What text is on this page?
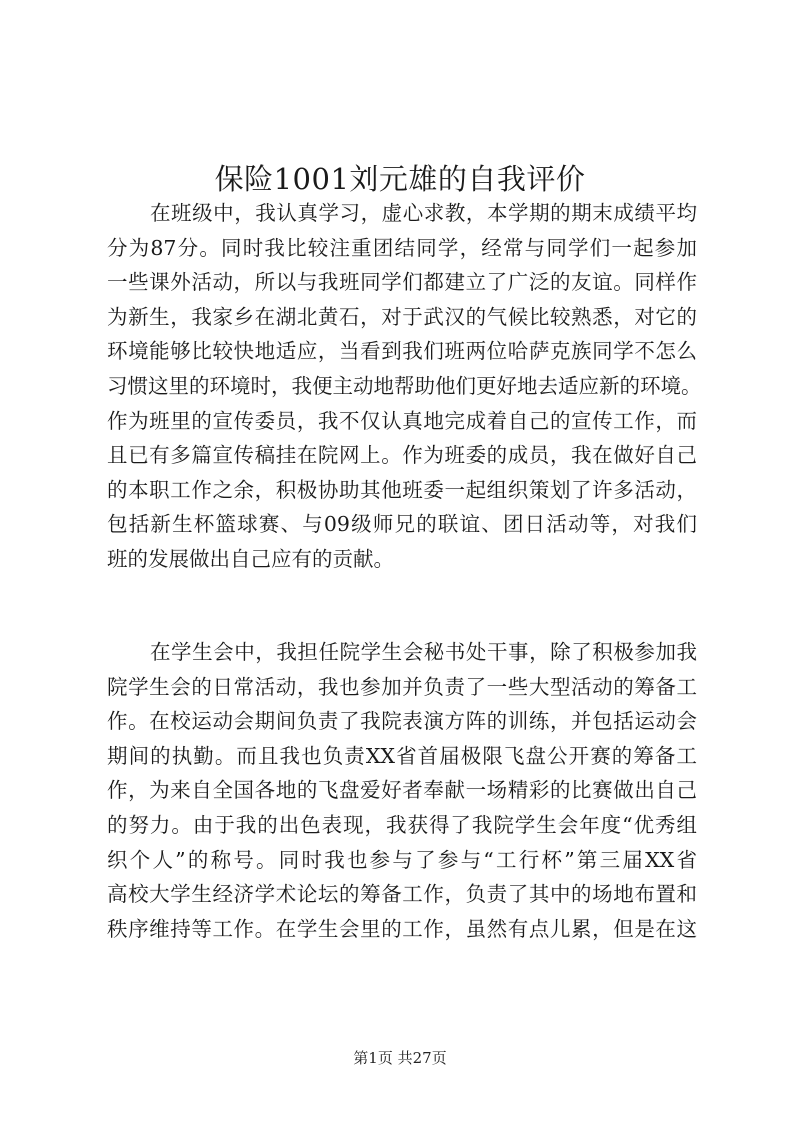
保险1001刘元雄的自我评价
在班级中，我认真学习，虚心求教，本学期的期末成绩平均
分为87分。同时我比较注重团结同学，经常与同学们一起参加
一些课外活动，所以与我班同学们都建立了广泛的友谊。同样作
为新生，我家乡在湖北黄石，对于武汉的气候比较熟悉，对它的
环境能够比较快地适应，当看到我们班两位哈萨克族同学不怎么
习惯这里的环境时，我便主动地帮助他们更好地去适应新的环境。
作为班里的宣传委员，我不仅认真地完成着自己的宣传工作，而
且已有多篇宣传稿挂在院网上。作为班委的成员，我在做好自己
的本职工作之余，积极协助其他班委一起组织策划了许多活动，
包括新生杯篮球赛、与09级师兄的联谊、团日活动等，对我们
班的发展做出自己应有的贡献。
在学生会中，我担任院学生会秘书处干事，除了积极参加我
院学生会的日常活动，我也参加并负责了一些大型活动的筹备工
作。在校运动会期间负责了我院表演方阵的训练，并包括运动会
期间的执勤。而且我也负责XX省首届极限飞盘公开赛的筹备工
作，为来自全国各地的飞盘爱好者奉献一场精彩的比赛做出自己
的努力。由于我的出色表现，我获得了我院学生会年度“优秀组
织个人”的称号。同时我也参与了参与“工行杯”第三届XX省
高校大学生经济学术论坛的筹备工作，负责了其中的场地布置和
秩序维持等工作。在学生会里的工作，虽然有点儿累，但是在这
第1页 共27页
